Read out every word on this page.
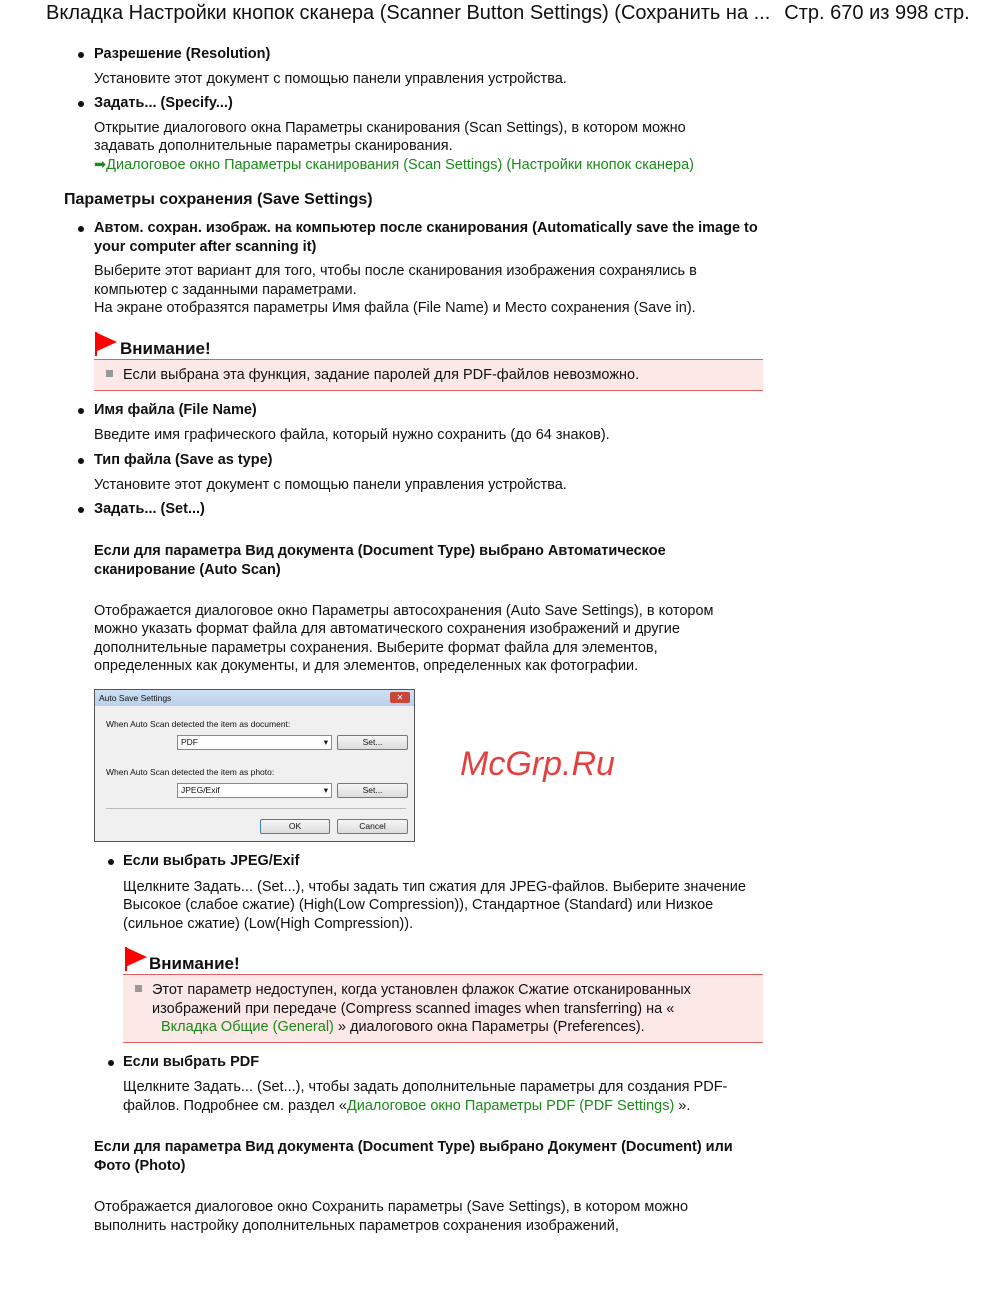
Вкладка Настройки кнопок сканера (Scanner Button Settings) (Сохранить на ... Стр. 670 из 998 стр.
Разрешение (Resolution)
Установите этот документ с помощью панели управления устройства.
Задать... (Specify...)
Открытие диалогового окна Параметры сканирования (Scan Settings), в котором можно
задавать дополнительные параметры сканирования.
➡Диалоговое окно Параметры сканирования (Scan Settings) (Настройки кнопок сканера)
Параметры сохранения (Save Settings)
Автом. сохран. изображ. на компьютер после сканирования (Automatically save the image to
your computer after scanning it)
Выберите этот вариант для того, чтобы после сканирования изображения сохранялись в
компьютер с заданными параметрами.
На экране отобразятся параметры Имя файла (File Name) и Место сохранения (Save in).
Внимание!
Если выбрана эта функция, задание паролей для PDF-файлов невозможно.
Имя файла (File Name)
Введите имя графического файла, который нужно сохранить (до 64 знаков).
Тип файла (Save as type)
Установите этот документ с помощью панели управления устройства.
Задать... (Set...)
Если для параметра Вид документа (Document Type) выбрано Автоматическое
сканирование (Auto Scan)
Отображается диалоговое окно Параметры автосохранения (Auto Save Settings), в котором
можно указать формат файла для автоматического сохранения изображений и другие
дополнительные параметры сохранения. Выберите формат файла для элементов,
определенных как документы, и для элементов, определенных как фотографии.
Auto Save Settings	✕
When Auto Scan detected the item as document:
PDF	▾	Set...
When Auto Scan detected the item as photo:
JPEG/Exif	▾	Set...
OK	Cancel
McGrp.Ru
Если выбрать JPEG/Exif
Щелкните Задать... (Set...), чтобы задать тип сжатия для JPEG-файлов. Выберите значение
Высокое (слабое сжатие) (High(Low Compression)), Стандартное (Standard) или Низкое
(сильное сжатие) (Low(High Compression)).
Внимание!
Этот параметр недоступен, когда установлен флажок Сжатие отсканированных
изображений при передаче (Compress scanned images when transferring) на «
Вкладка Общие (General) » диалогового окна Параметры (Preferences).
Если выбрать PDF
Щелкните Задать... (Set...), чтобы задать дополнительные параметры для создания PDF-
файлов. Подробнее см. раздел «Диалоговое окно Параметры PDF (PDF Settings) ».
Если для параметра Вид документа (Document Type) выбрано Документ (Document) или
Фото (Photo)
Отображается диалоговое окно Сохранить параметры (Save Settings), в котором можно
выполнить настройку дополнительных параметров сохранения изображений,
